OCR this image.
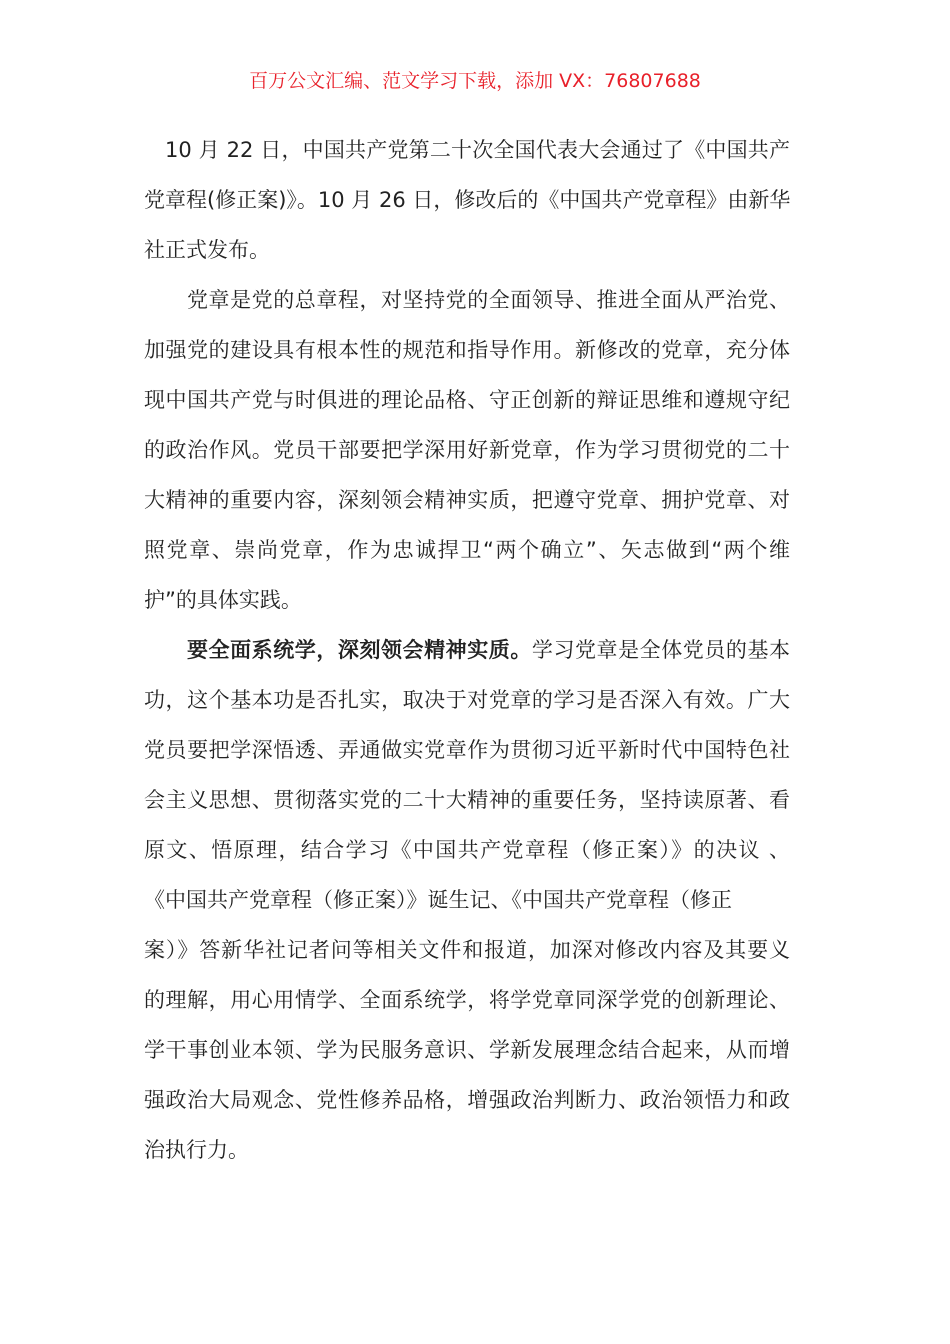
百万公文汇编、范文学习下载，添加 VX：76807688
10 月 22 日，中国共产党第二十次全国代表大会通过了《中国共产
党章程(修正案)》。10 月 26 日，修改后的《中国共产党章程》由新华
社正式发布。
党章是党的总章程，对坚持党的全面领导、推进全面从严治党、
加强党的建设具有根本性的规范和指导作用。新修改的党章，充分体
现中国共产党与时俱进的理论品格、守正创新的辩证思维和遵规守纪
的政治作风。党员干部要把学深用好新党章，作为学习贯彻党的二十
大精神的重要内容，深刻领会精神实质，把遵守党章、拥护党章、对
照党章、崇尚党章，作为忠诚捍卫“两个确立”、矢志做到“两个维
护”的具体实践。
要全面系统学，深刻领会精神实质。学习党章是全体党员的基本
功，这个基本功是否扎实，取决于对党章的学习是否深入有效。广大
党员要把学深悟透、弄通做实党章作为贯彻习近平新时代中国特色社
会主义思想、贯彻落实党的二十大精神的重要任务，坚持读原著、看
原文、悟原理，结合学习《中国共产党章程（修正案）》的决议 、
《中国共产党章程（修正案）》诞生记、《中国共产党章程（修正
案）》答新华社记者问等相关文件和报道，加深对修改内容及其要义
的理解，用心用情学、全面系统学，将学党章同深学党的创新理论、
学干事创业本领、学为民服务意识、学新发展理念结合起来，从而增
强政治大局观念、党性修养品格，增强政治判断力、政治领悟力和政
治执行力。
